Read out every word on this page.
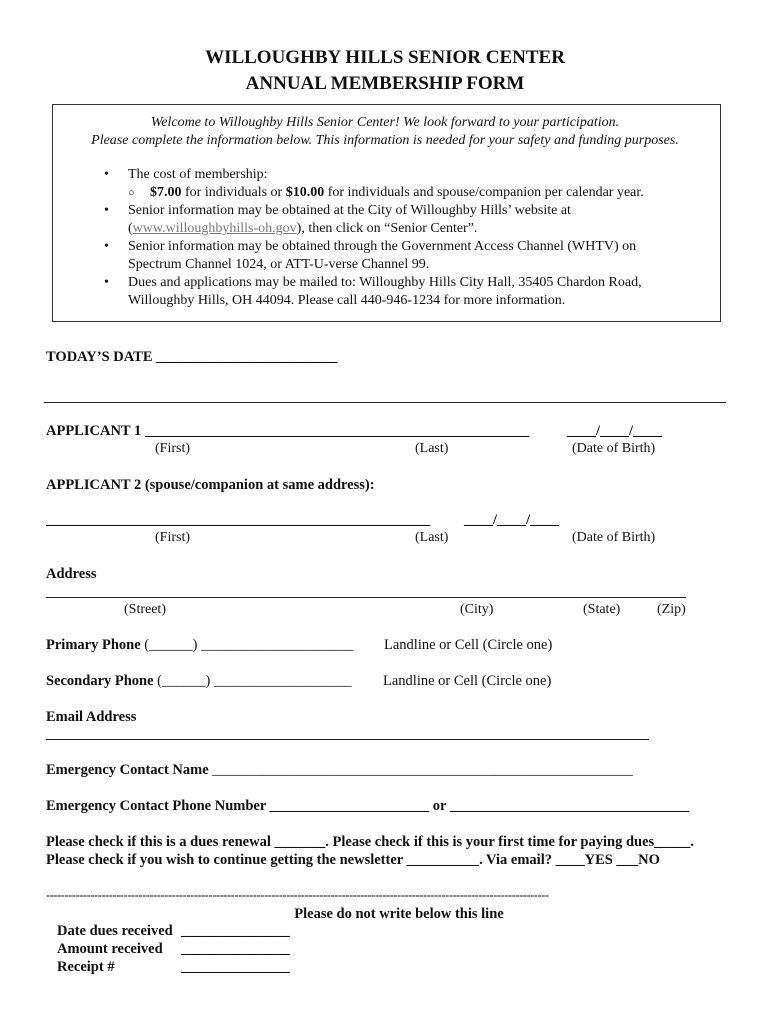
WILLOUGHBY HILLS SENIOR CENTER
ANNUAL MEMBERSHIP FORM
Welcome to Willoughby Hills Senior Center! We look forward to your participation.
Please complete the information below. This information is needed for your safety and funding purposes.
• The cost of membership:
○ $7.00 for individuals or $10.00 for individuals and spouse/companion per calendar year.
• Senior information may be obtained at the City of Willoughby Hills’ website at
(www.willoughbyhills-oh.gov), then click on “Senior Center”.
• Senior information may be obtained through the Government Access Channel (WHTV) on
Spectrum Channel 1024, or ATT-U-verse Channel 99.
• Dues and applications may be mailed to: Willoughby Hills City Hall, 35405 Chardon Road,
Willoughby Hills, OH 44094. Please call 440-946-1234 for more information.
TODAY’S DATE _________________________
APPLICANT 1 _____________________________________________________	____/____/____
(First)	(Last)	(Date of Birth)
APPLICANT 2 (spouse/companion at same address):
_____________________________________________________ ____/____/____
(First)	(Last)	(Date of Birth)
Address
(Street)	(City)	(State)	(Zip)
Primary Phone (______) _____________________ Landline or Cell (Circle one)
Secondary Phone (______) ___________________ Landline or Cell (Circle one)
Email Address
Emergency Contact Name __________________________________________________________
Emergency Contact Phone Number ______________________ or _________________________________
Please check if this is a dues renewal _______. Please check if this is your first time for paying dues_____.
Please check if you wish to continue getting the newsletter __________. Via email? ____YES ___NO
----------------------------------------------------------------------------------------------------------------------------------------
Please do not write below this line
Date dues received _______________
Amount received _______________
Receipt #	_______________
